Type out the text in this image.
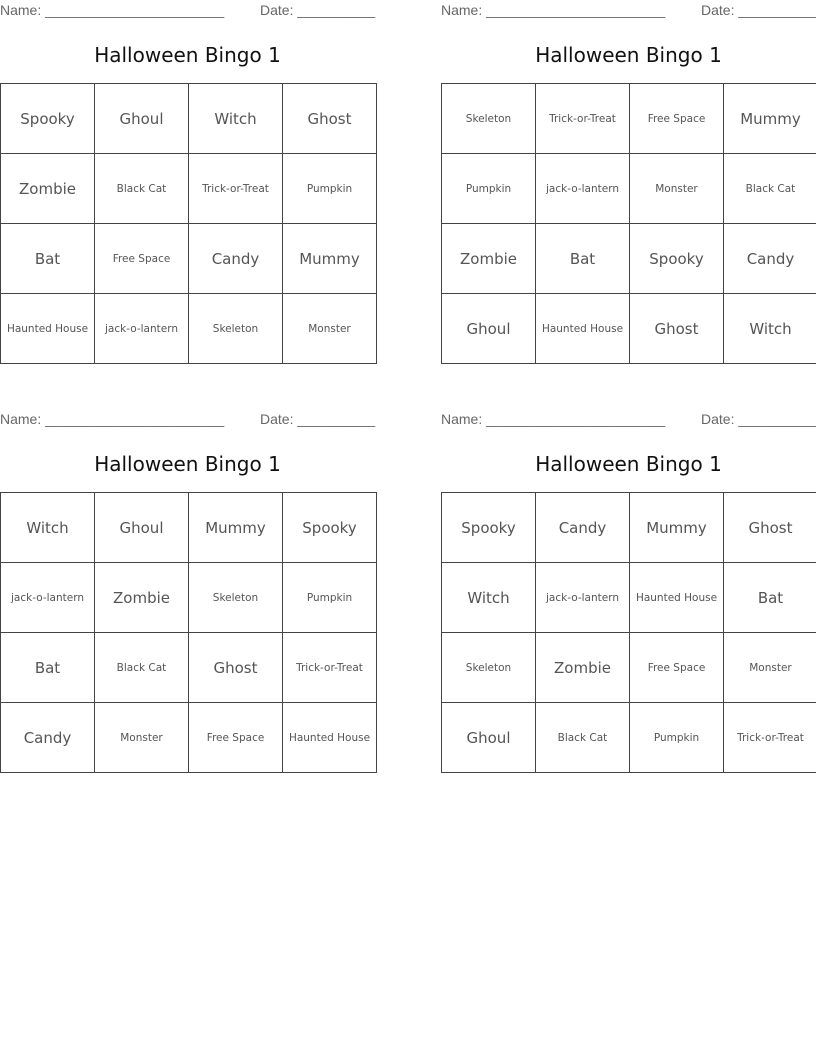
Name: _______________________	Date: __________
Halloween Bingo 1
Spooky	Ghoul	Witch	Ghost
Zombie	Black Cat	Trick-or-Treat	Pumpkin
Bat	Free Space	Candy	Mummy
Haunted House	jack-o-lantern	Skeleton	Monster
Name: _______________________	Date: __________
Halloween Bingo 1
Skeleton	Trick-or-Treat	Free Space	Mummy
Pumpkin	jack-o-lantern	Monster	Black Cat
Zombie	Bat	Spooky	Candy
Ghoul	Haunted House	Ghost	Witch
Name: _______________________	Date: __________
Halloween Bingo 1
Witch	Ghoul	Mummy	Spooky
jack-o-lantern	Zombie	Skeleton	Pumpkin
Bat	Black Cat	Ghost	Trick-or-Treat
Candy	Monster	Free Space	Haunted House
Name: _______________________	Date: __________
Halloween Bingo 1
Spooky	Candy	Mummy	Ghost
Witch	jack-o-lantern	Haunted House	Bat
Skeleton	Zombie	Free Space	Monster
Ghoul	Black Cat	Pumpkin	Trick-or-Treat
